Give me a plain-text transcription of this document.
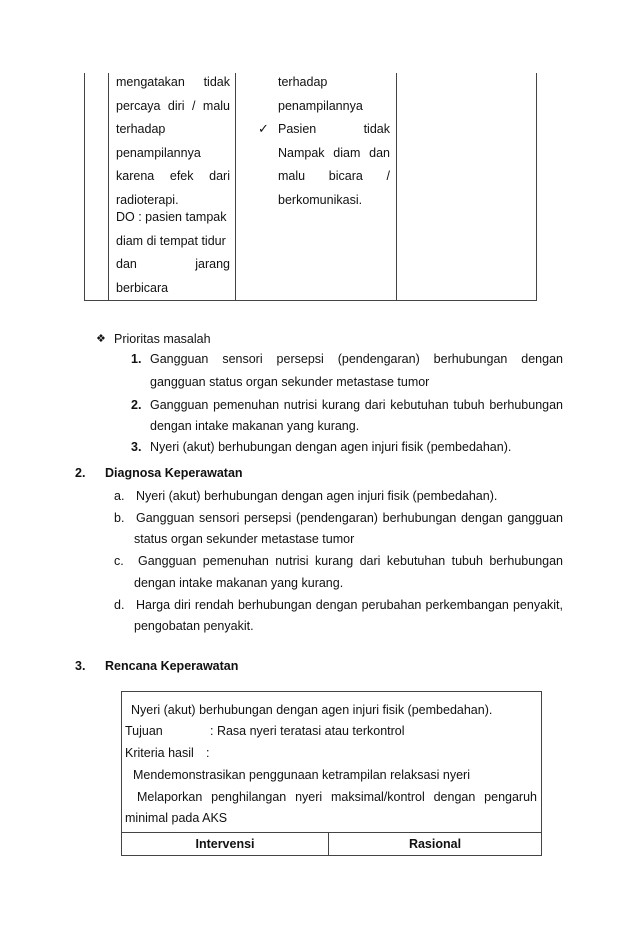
mengatakan tidak
percaya diri / malu
terhadap
penampilannya
karena efek dari
radioterapi.
DO : pasien tampak
diam di tempat tidur
dan jarang
berbicara
terhadap
penampilannya
Pasien tidak
Nampak diam dan
malu bicara /
berkomunikasi.
✓
❖ Prioritas masalah
1. Gangguan sensori persepsi (pendengaran) berhubungan dengan
gangguan status organ sekunder metastase tumor
2. Gangguan pemenuhan nutrisi kurang dari kebutuhan tubuh berhubungan
dengan intake makanan yang kurang.
3. Nyeri (akut) berhubungan dengan agen injuri fisik (pembedahan).
2. Diagnosa Keperawatan
a. Nyeri (akut) berhubungan dengan agen injuri fisik (pembedahan).
b. Gangguan sensori persepsi (pendengaran) berhubungan dengan gangguan
status organ sekunder metastase tumor
c. Gangguan pemenuhan nutrisi kurang dari kebutuhan tubuh berhubungan
dengan intake makanan yang kurang.
d. Harga diri rendah berhubungan dengan perubahan perkembangan penyakit,
pengobatan penyakit.
3. Rencana Keperawatan
Nyeri (akut) berhubungan dengan agen injuri fisik (pembedahan).
Tujuan	: Rasa nyeri teratasi atau terkontrol
Kriteria hasil :
Mendemonstrasikan penggunaan ketrampilan relaksasi nyeri
Melaporkan penghilangan nyeri maksimal/kontrol dengan pengaruh
minimal pada AKS
Intervensi	Rasional
